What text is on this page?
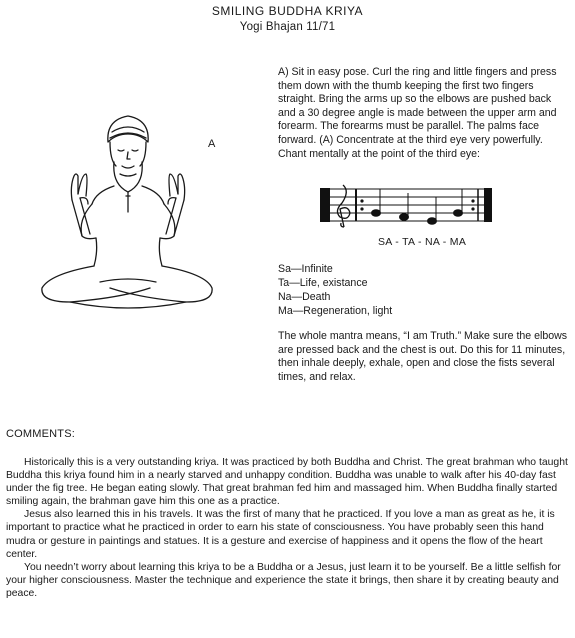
SMILING BUDDHA KRIYA
Yogi Bhajan 11/71
A
A) Sit in easy pose. Curl the ring and little fingers and press them down with the thumb keeping the first two fingers straight. Bring the arms up so the elbows are pushed back and a 30 degree angle is made between the upper arm and forearm. The forearms must be parallel. The palms face forward. (A) Concentrate at the third eye very powerfully. Chant mentally at the point of the third eye:
SA - TA - NA - MA
Sa—Infinite
Ta—Life, existance
Na—Death
Ma—Regeneration, light
The whole mantra means, “I am Truth.” Make sure the elbows are pressed back and the chest is out. Do this for 11 minutes, then inhale deeply, exhale, open and close the fists several times, and relax.
COMMENTS:

Historically this is a very outstanding kriya. It was practiced by both Buddha and Christ. The great brahman who taught Buddha this kriya found him in a nearly starved and unhappy condition. Buddha was unable to walk after his 40-day fast under the fig tree. He began eating slowly. That great brahman fed him and massaged him. When Buddha finally started smiling again, the brahman gave him this one as a practice.

Jesus also learned this in his travels. It was the first of many that he practiced. If you love a man as great as he, it is important to practice what he practiced in order to earn his state of consciousness. You have probably seen this hand mudra or gesture in paintings and statues. It is a gesture and exercise of happiness and it opens the flow of the heart center.

You needn’t worry about learning this kriya to be a Buddha or a Jesus, just learn it to be yourself. Be a little selfish for your higher consciousness. Master the technique and experience the state it brings, then share it by creating beauty and peace.
